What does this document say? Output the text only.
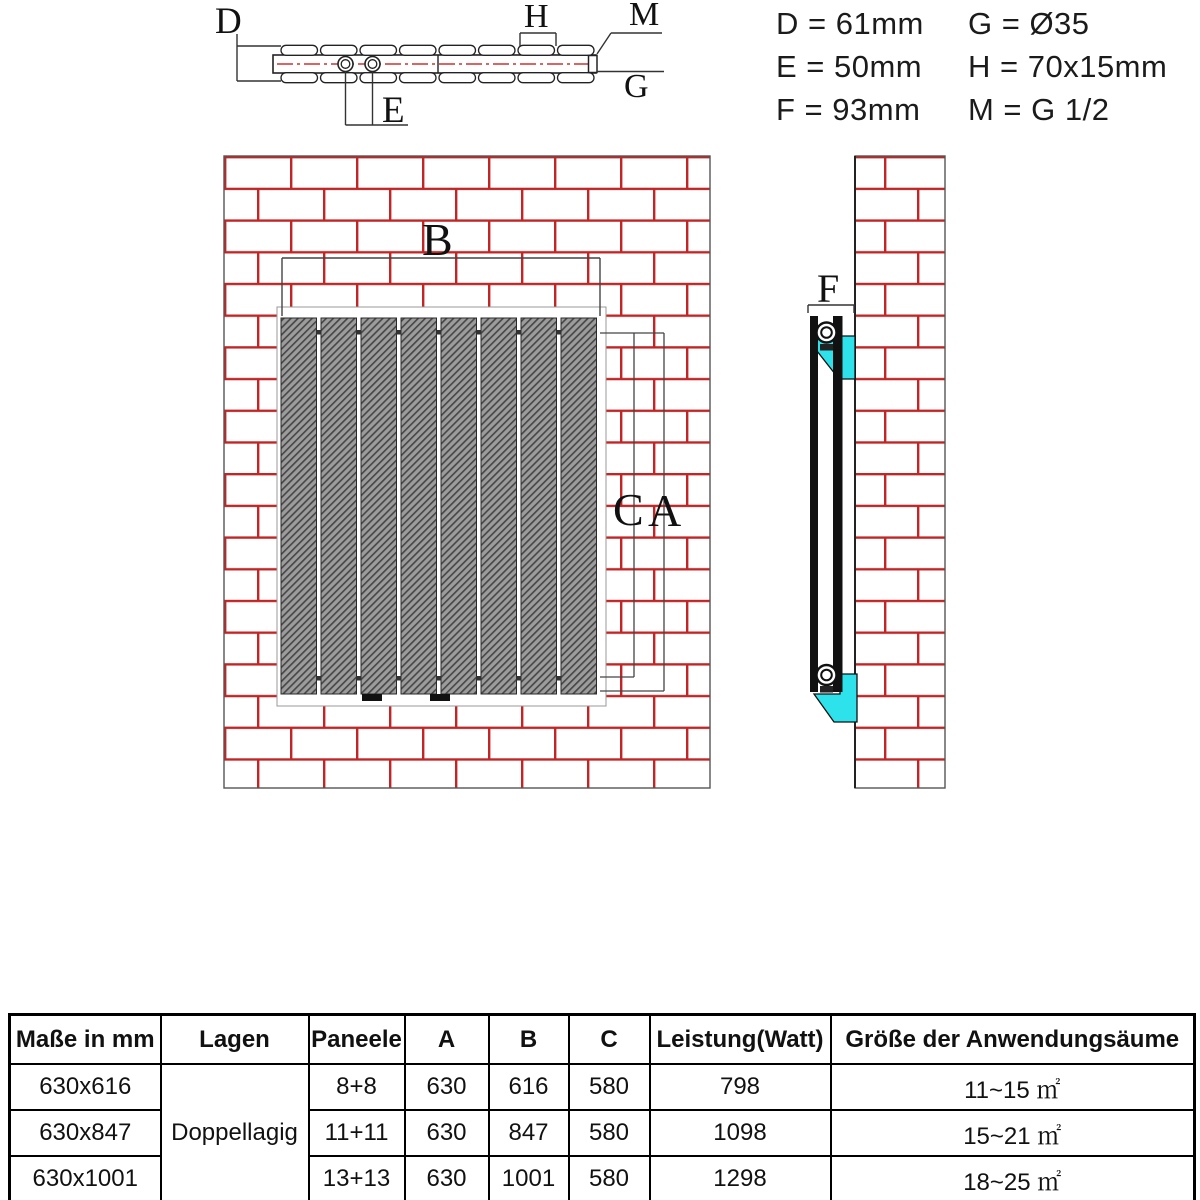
D
E
H M
G
B
C A
F
D = 61mm
E = 50mm
F = 93mm
G = Ø35
H = 70x15mm
M = G 1/2
Maße in mm	Lagen	Paneele	A	B	C	Leistung(Watt)	Größe der Anwendungsäume
630x616	Doppellagig	8+8	630	616	580	798	11~15 ㎡
630x847		11+11	630	847	580	1098	15~21 ㎡
630x1001		13+13	630	1001	580	1298	18~25 ㎡
